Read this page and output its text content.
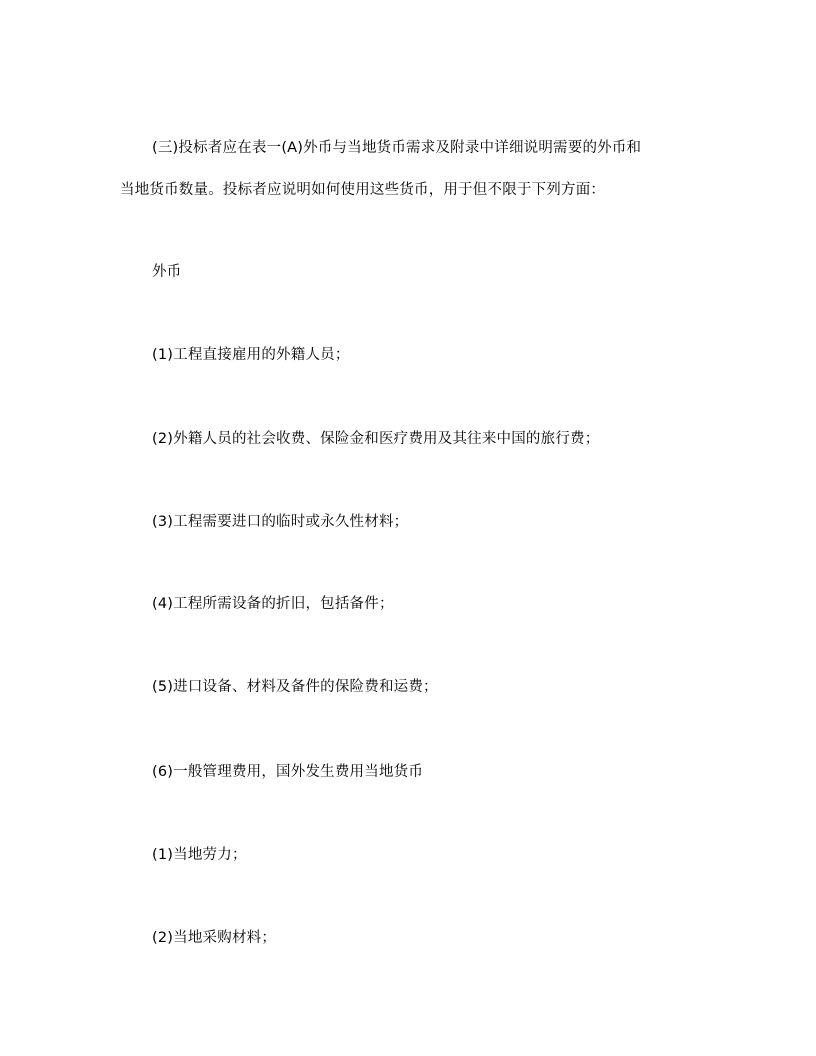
(三)投标者应在表一(A)外币与当地货币需求及附录中详细说明需要的外币和
当地货币数量。投标者应说明如何使用这些货币，用于但不限于下列方面：
外币
(1)工程直接雇用的外籍人员；
(2)外籍人员的社会收费、保险金和医疗费用及其往来中国的旅行费；
(3)工程需要进口的临时或永久性材料；
(4)工程所需设备的折旧，包括备件；
(5)进口设备、材料及备件的保险费和运费；
(6)一般管理费用，国外发生费用当地货币
(1)当地劳力；
(2)当地采购材料；
